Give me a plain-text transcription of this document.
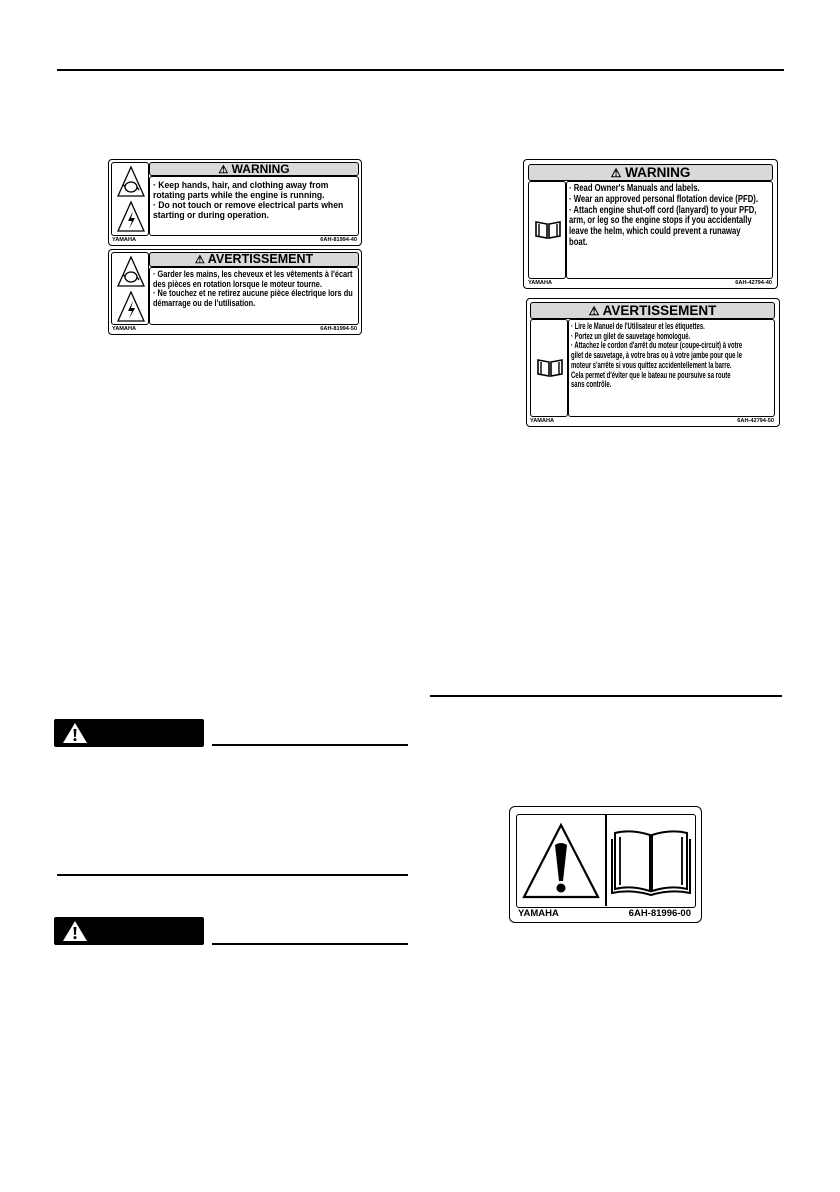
⚠ WARNING
· Keep hands, hair, and clothing away from
rotating parts while the engine is running.
· Do not touch or remove electrical parts when
starting or during operation.
YAMAHA	6AH-81994-40
⚠ AVERTISSEMENT
· Garder les mains, les cheveux et les vêtements à l'écart
des pièces en rotation lorsque le moteur tourne.
· Ne touchez et ne retirez aucune pièce électrique lors du
démarrage ou de l'utilisation.
YAMAHA	6AH-81994-50
⚠ WARNING
· Read Owner's Manuals and labels.
· Wear an approved personal flotation device (PFD).
· Attach engine shut-off cord (lanyard) to your PFD,
arm, or leg so the engine stops if you accidentally
leave the helm, which could prevent a runaway
boat.
YAMAHA	6AH-42794-40
⚠ AVERTISSEMENT
· Lire le Manuel de l'Utilisateur et les étiquettes.
· Portez un gilet de sauvetage homologué.
· Attachez le cordon d'arrêt du moteur (coupe-circuit) à votre
gilet de sauvetage, à votre bras ou à votre jambe pour que le
moteur s'arrête si vous quittez accidentellement la barre.
Cela permet d'éviter que le bateau ne poursuive sa route
sans contrôle.
YAMAHA	6AH-42794-50
YAMAHA	6AH-81996-00
